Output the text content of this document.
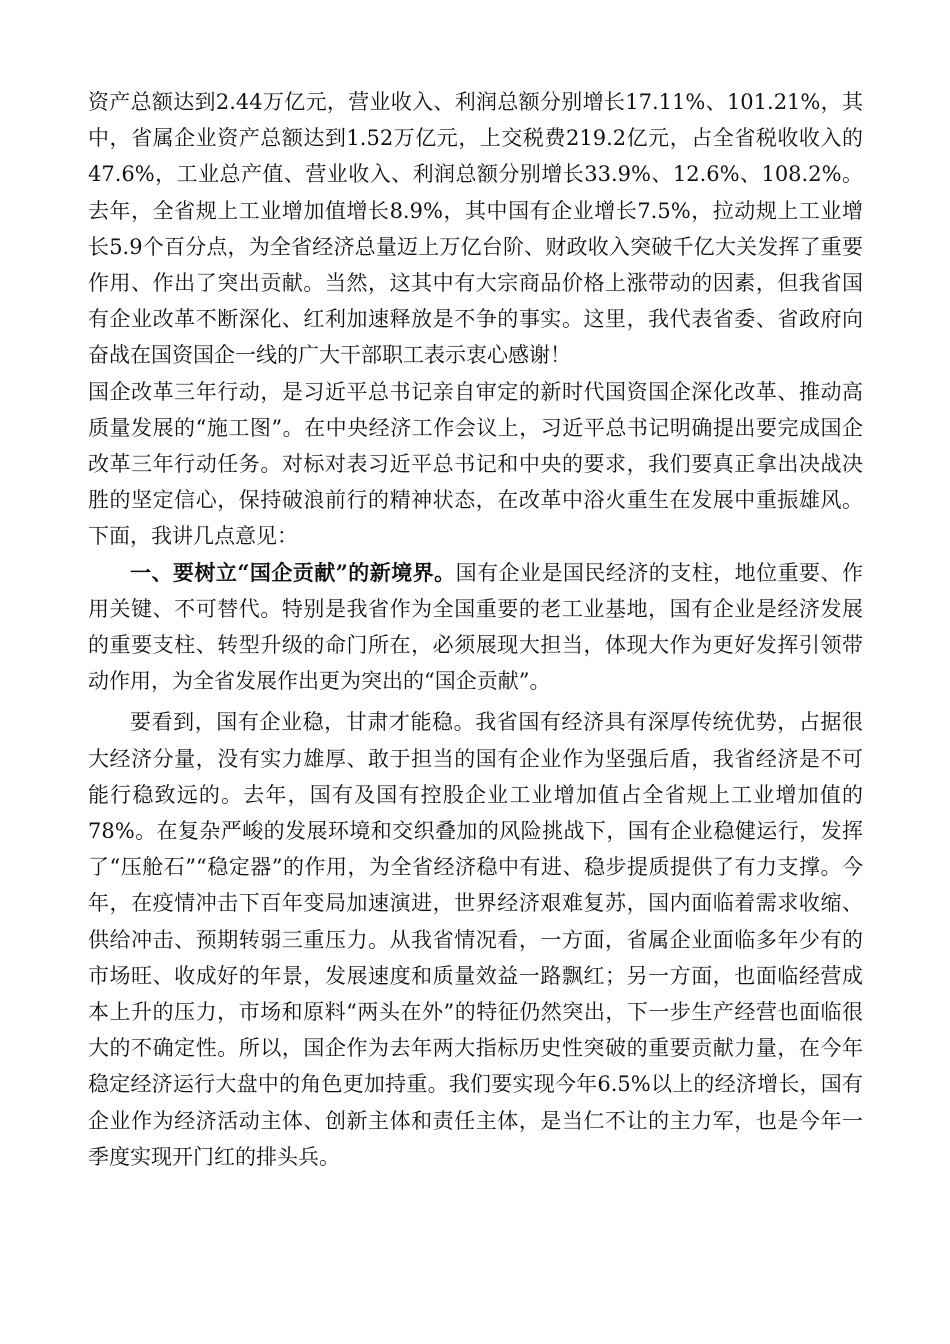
资产总额达到2.44万亿元，营业收入、利润总额分别增长17.11%、101.21%，其中，省属企业资产总额达到1.52万亿元，上交税费219.2亿元，占全省税收收入的47.6%，工业总产值、营业收入、利润总额分别增长33.9%、12.6%、108.2%。去年，全省规上工业增加值增长8.9%，其中国有企业增长7.5%，拉动规上工业增长5.9个百分点，为全省经济总量迈上万亿台阶、财政收入突破千亿大关发挥了重要作用、作出了突出贡献。当然，这其中有大宗商品价格上涨带动的因素，但我省国有企业改革不断深化、红利加速释放是不争的事实。这里，我代表省委、省政府向奋战在国资国企一线的广大干部职工表示衷心感谢！

国企改革三年行动，是习近平总书记亲自审定的新时代国资国企深化改革、推动高质量发展的“施工图”。在中央经济工作会议上，习近平总书记明确提出要完成国企改革三年行动任务。对标对表习近平总书记和中央的要求，我们要真正拿出决战决胜的坚定信心，保持破浪前行的精神状态，在改革中浴火重生在发展中重振雄风。下面，我讲几点意见：

一、要树立“国企贡献”的新境界。国有企业是国民经济的支柱，地位重要、作用关键、不可替代。特别是我省作为全国重要的老工业基地，国有企业是经济发展的重要支柱、转型升级的命门所在，必须展现大担当，体现大作为更好发挥引领带动作用，为全省发展作出更为突出的“国企贡献”。

要看到，国有企业稳，甘肃才能稳。我省国有经济具有深厚传统优势，占据很大经济分量，没有实力雄厚、敢于担当的国有企业作为坚强后盾，我省经济是不可能行稳致远的。去年，国有及国有控股企业工业增加值占全省规上工业增加值的78%。在复杂严峻的发展环境和交织叠加的风险挑战下，国有企业稳健运行，发挥了“压舱石”“稳定器”的作用，为全省经济稳中有进、稳步提质提供了有力支撑。今年，在疫情冲击下百年变局加速演进，世界经济艰难复苏，国内面临着需求收缩、供给冲击、预期转弱三重压力。从我省情况看，一方面，省属企业面临多年少有的市场旺、收成好的年景，发展速度和质量效益一路飘红；另一方面，也面临经营成本上升的压力，市场和原料“两头在外”的特征仍然突出，下一步生产经营也面临很大的不确定性。所以，国企作为去年两大指标历史性突破的重要贡献力量，在今年稳定经济运行大盘中的角色更加持重。我们要实现今年6.5%以上的经济增长，国有企业作为经济活动主体、创新主体和责任主体，是当仁不让的主力军，也是今年一季度实现开门红的排头兵。
